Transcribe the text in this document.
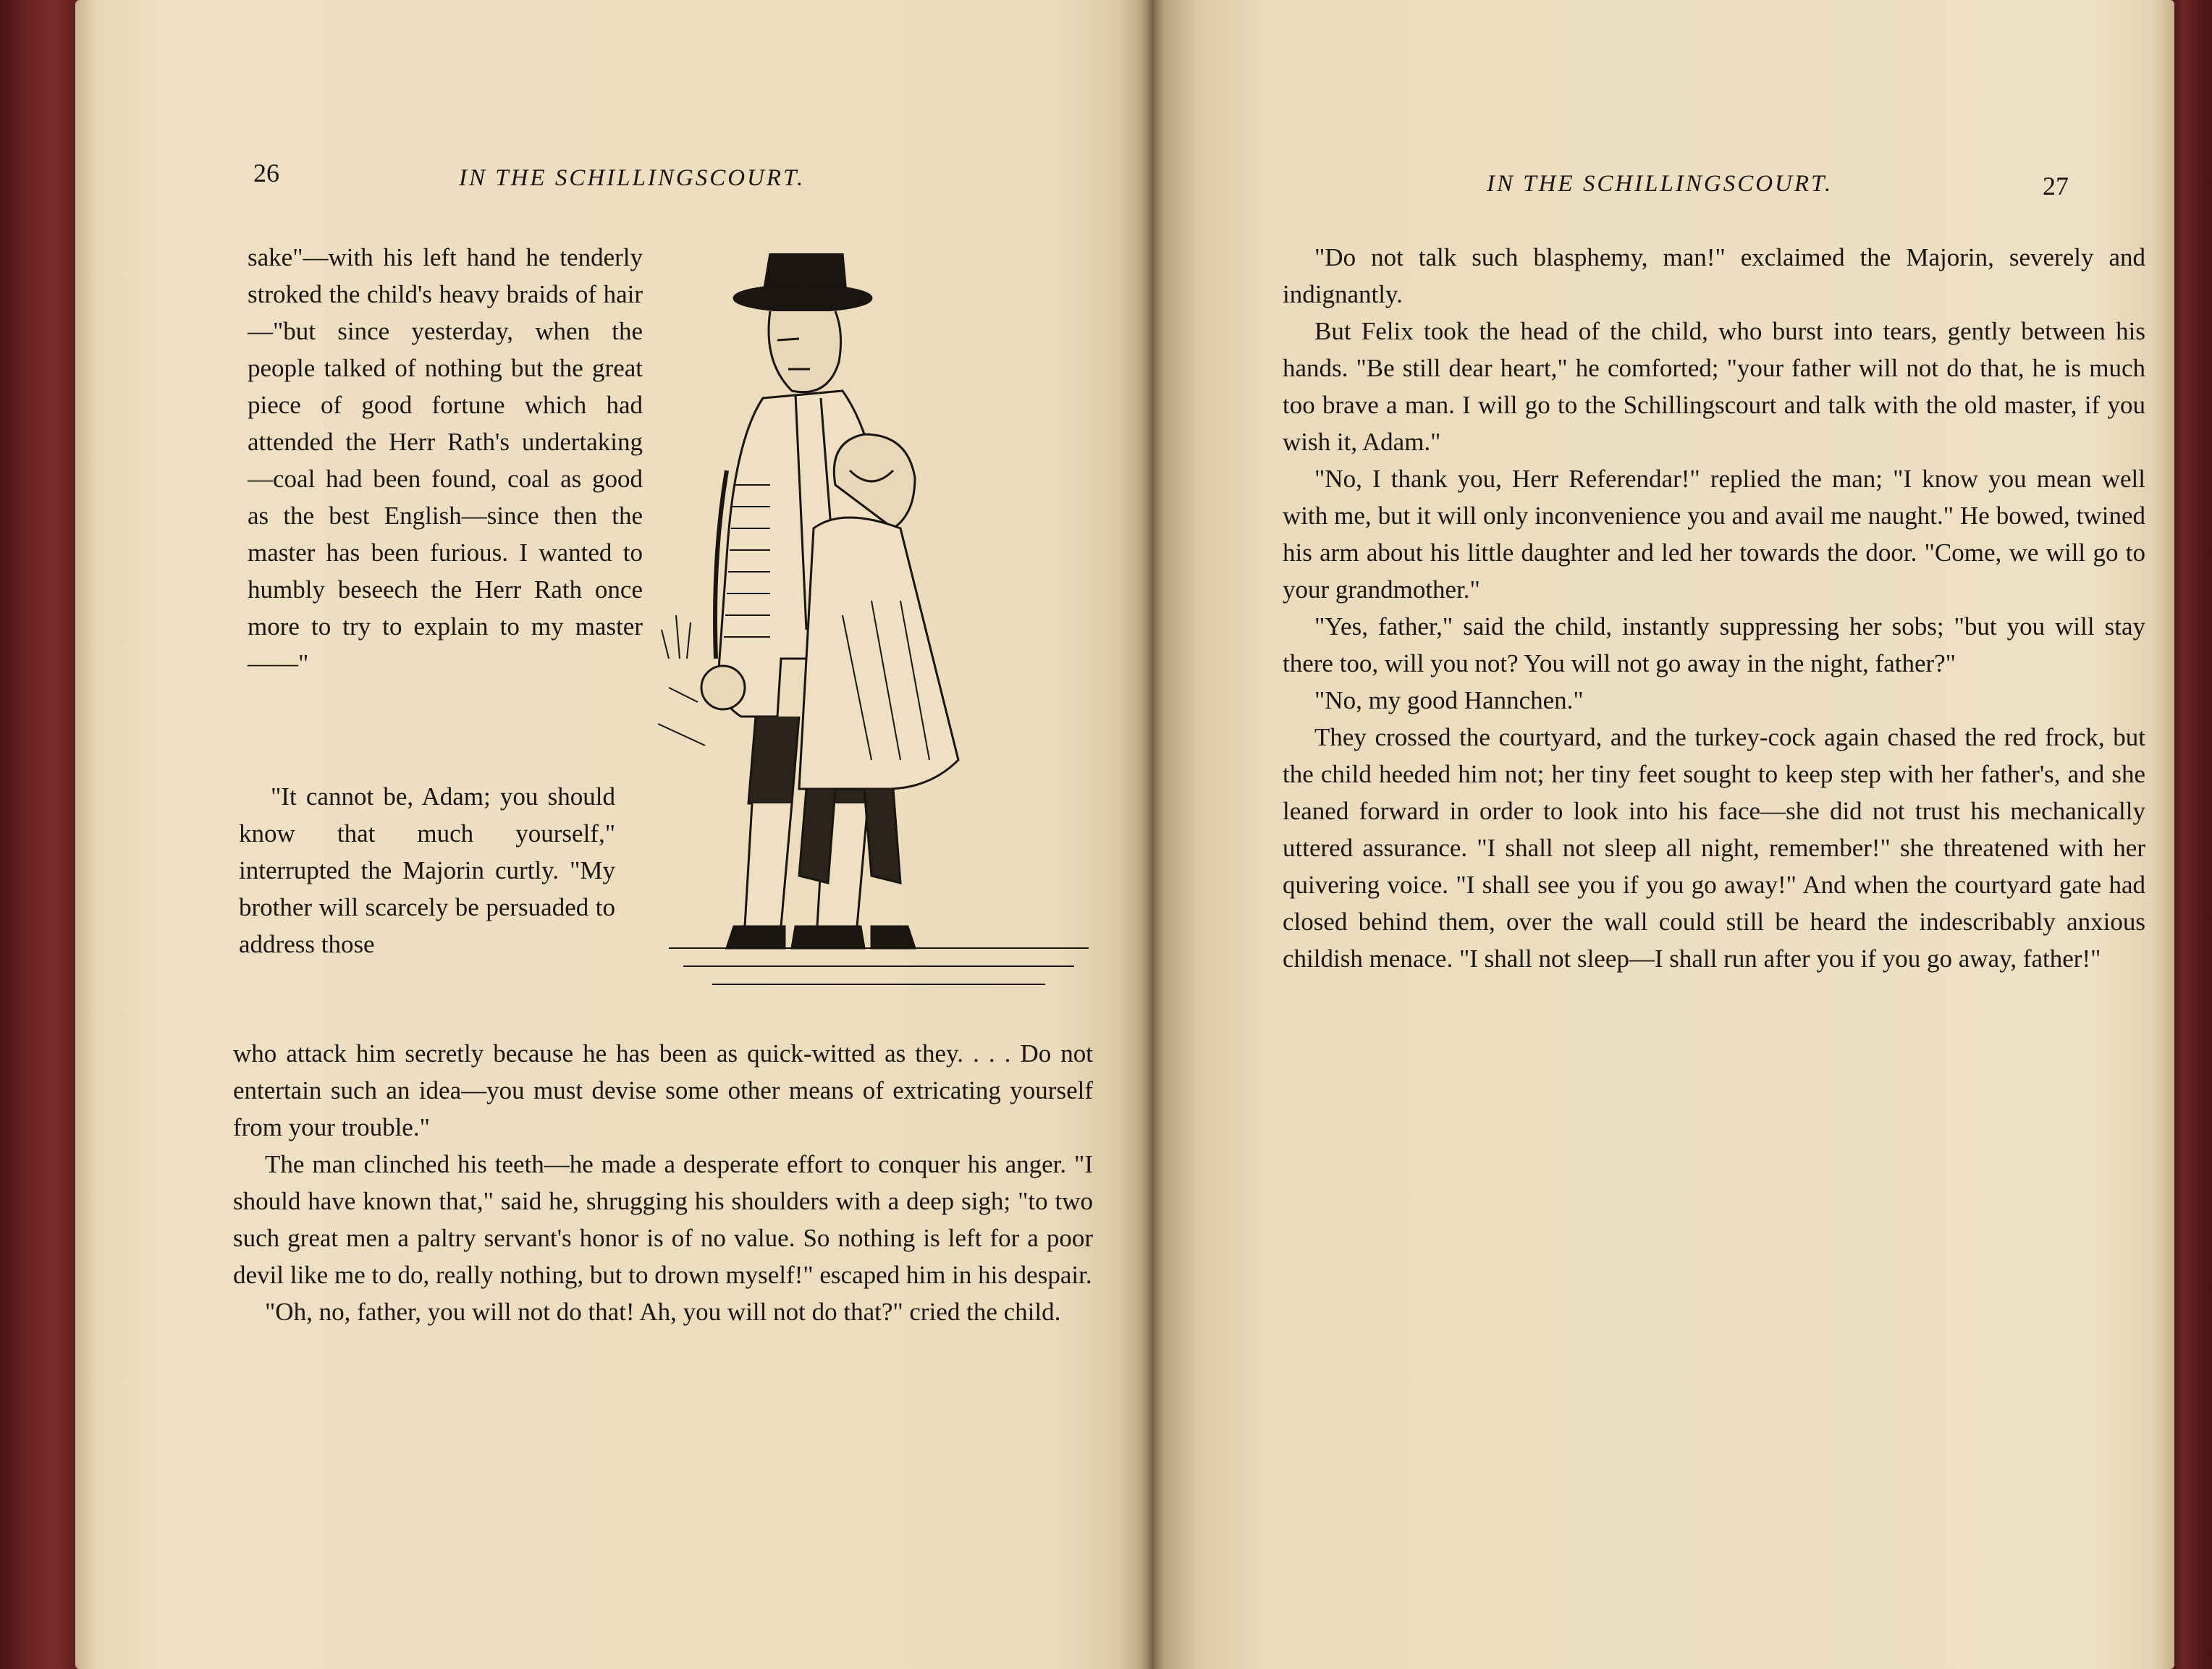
26	IN THE SCHILLINGSCOURT.

sake"—with his left hand he tenderly stroked the child's heavy braids of hair—"but since yesterday, when the people talked of nothing but the great piece of good fortune which had attended the Herr Rath's undertaking—coal had been found, coal as good as the best English—since then the master has been furious. I wanted to humbly beseech the Herr Rath once more to try to explain to my master——"

"It cannot be, Adam; you should know that much yourself," interrupted the Majorin curtly. "My brother will scarcely be persuaded to address those

who attack him secretly because he has been as quick-witted as they. . . . Do not entertain such an idea—you must devise some other means of extricating yourself from your trouble."

The man clinched his teeth—he made a desperate effort to conquer his anger. "I should have known that," said he, shrugging his shoulders with a deep sigh; "to two such great men a paltry servant's honor is of no value. So nothing is left for a poor devil like me to do, really nothing, but to drown myself!" escaped him in his despair.

"Oh, no, father, you will not do that! Ah, you will not do that?" cried the child.

IN THE SCHILLINGSCOURT.	27

"Do not talk such blasphemy, man!" exclaimed the Majorin, severely and indignantly.

But Felix took the head of the child, who burst into tears, gently between his hands. "Be still dear heart," he comforted; "your father will not do that, he is much too brave a man. I will go to the Schillingscourt and talk with the old master, if you wish it, Adam."

"No, I thank you, Herr Referendar!" replied the man; "I know you mean well with me, but it will only inconvenience you and avail me naught." He bowed, twined his arm about his little daughter and led her towards the door. "Come, we will go to your grandmother."

"Yes, father," said the child, instantly suppressing her sobs; "but you will stay there too, will you not? You will not go away in the night, father?"

"No, my good Hannchen."

They crossed the courtyard, and the turkey-cock again chased the red frock, but the child heeded him not; her tiny feet sought to keep step with her father's, and she leaned forward in order to look into his face—she did not trust his mechanically uttered assurance. "I shall not sleep all night, remember!" she threatened with her quivering voice. "I shall see you if you go away!" And when the courtyard gate had closed behind them, over the wall could still be heard the indescribably anxious childish menace. "I shall not sleep—I shall run after you if you go away, father!"
